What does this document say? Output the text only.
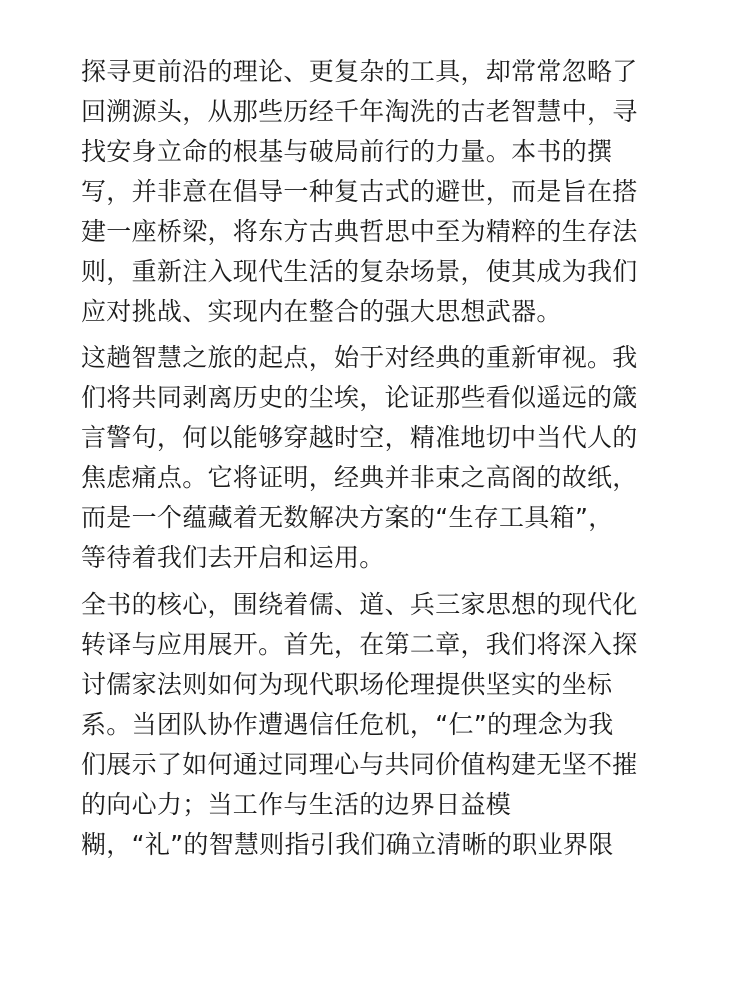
探寻更前沿的理论、更复杂的工具，却常常忽略了
回溯源头，从那些历经千年淘洗的古老智慧中，寻
找安身立命的根基与破局前行的力量。本书的撰
写，并非意在倡导一种复古式的避世，而是旨在搭
建一座桥梁，将东方古典哲思中至为精粹的生存法
则，重新注入现代生活的复杂场景，使其成为我们
应对挑战、实现内在整合的强大思想武器。
这趟智慧之旅的起点，始于对经典的重新审视。我
们将共同剥离历史的尘埃，论证那些看似遥远的箴
言警句，何以能够穿越时空，精准地切中当代人的
焦虑痛点。它将证明，经典并非束之高阁的故纸，
而是一个蕴藏着无数解决方案的“生存工具箱”，
等待着我们去开启和运用。
全书的核心，围绕着儒、道、兵三家思想的现代化
转译与应用展开。首先，在第二章，我们将深入探
讨儒家法则如何为现代职场伦理提供坚实的坐标
系。当团队协作遭遇信任危机，“仁”的理念为我
们展示了如何通过同理心与共同价值构建无坚不摧
的向心力；当工作与生活的边界日益模
糊，“礼”的智慧则指引我们确立清晰的职业界限
